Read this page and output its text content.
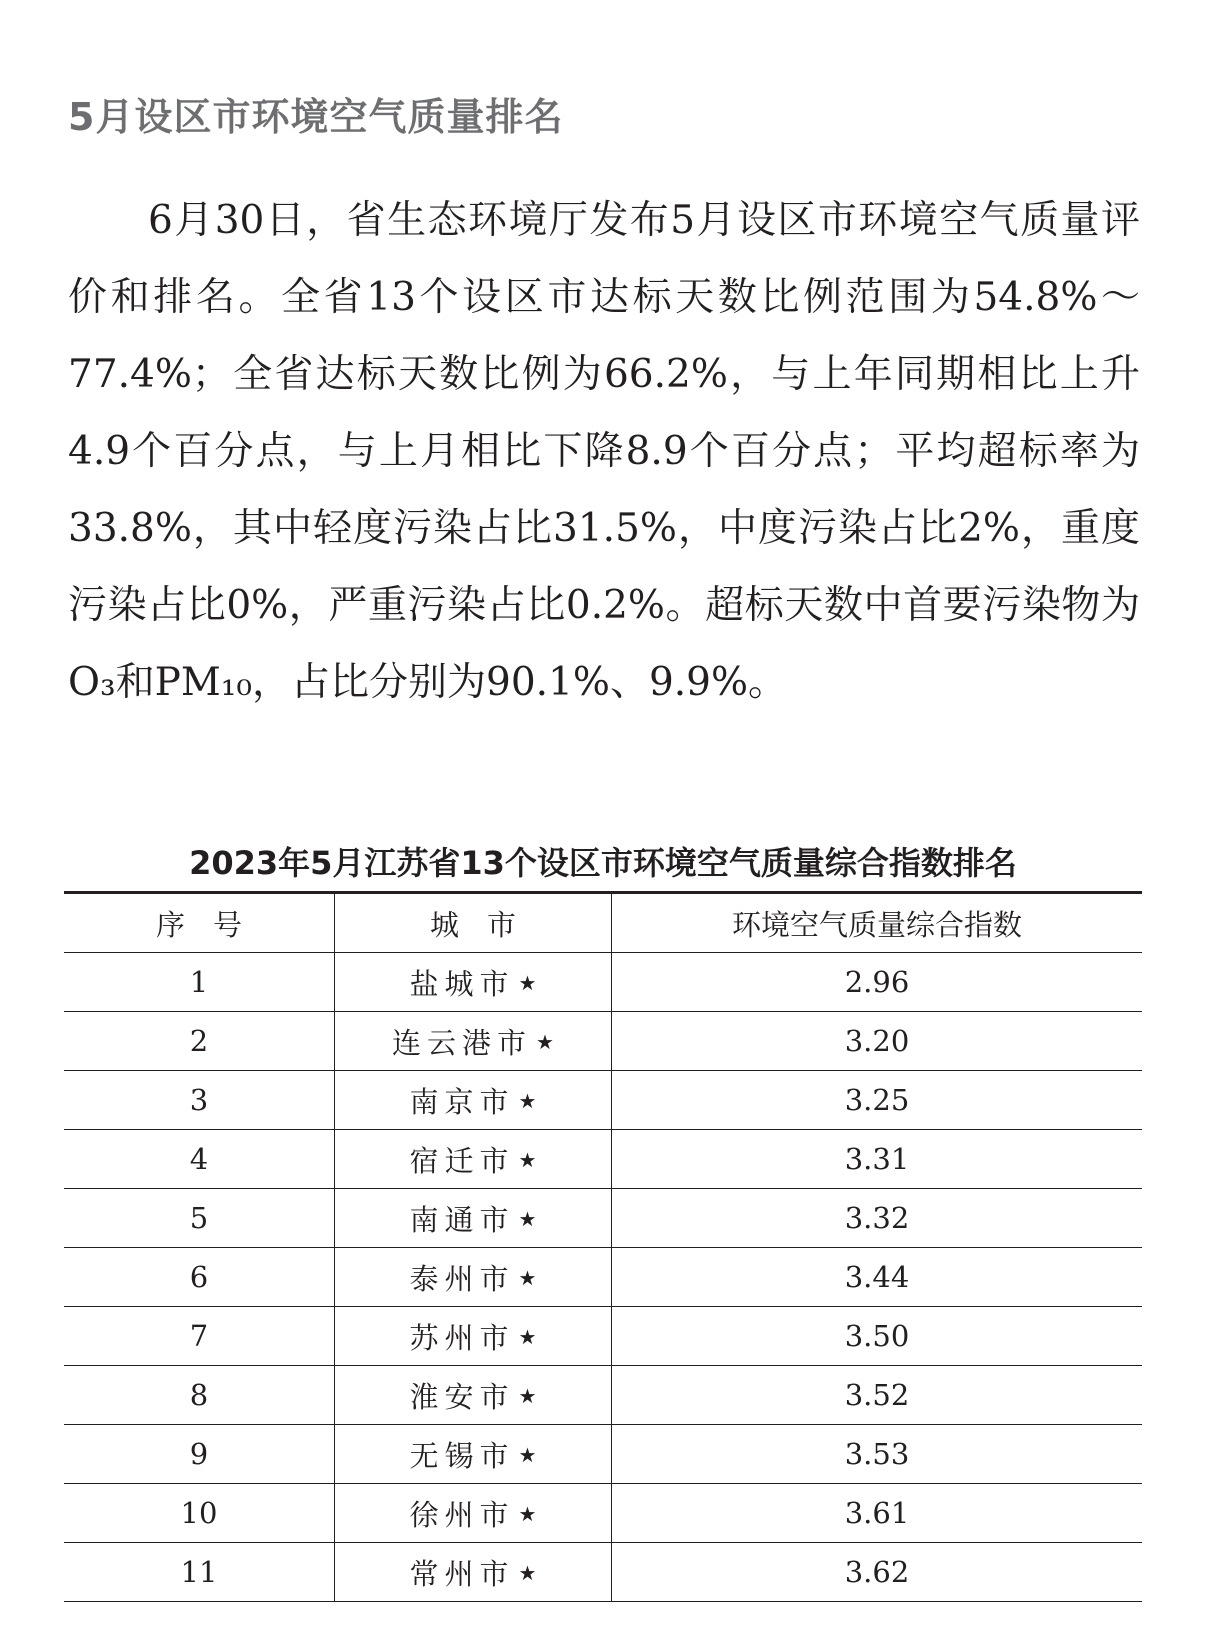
5月设区市环境空气质量排名

6月30日，省生态环境厅发布5月设区市环境空气质量评价和排名。全省13个设区市达标天数比例范围为54.8%～77.4%；全省达标天数比例为66.2%，与上年同期相比上升4.9个百分点，与上月相比下降8.9个百分点；平均超标率为33.8%，其中轻度污染占比31.5%，中度污染占比2%，重度污染占比0%，严重污染占比0.2%。超标天数中首要污染物为O₃和PM₁₀，占比分别为90.1%、9.9%。

2023年5月江苏省13个设区市环境空气质量综合指数排名
序号	城市	环境空气质量综合指数
1	盐城市 ★	2.96
2	连云港市 ★	3.20
3	南京市 ★	3.25
4	宿迁市 ★	3.31
5	南通市 ★	3.32
6	泰州市 ★	3.44
7	苏州市 ★	3.50
8	淮安市 ★	3.52
9	无锡市 ★	3.53
10	徐州市 ★	3.61
11	常州市 ★	3.62
